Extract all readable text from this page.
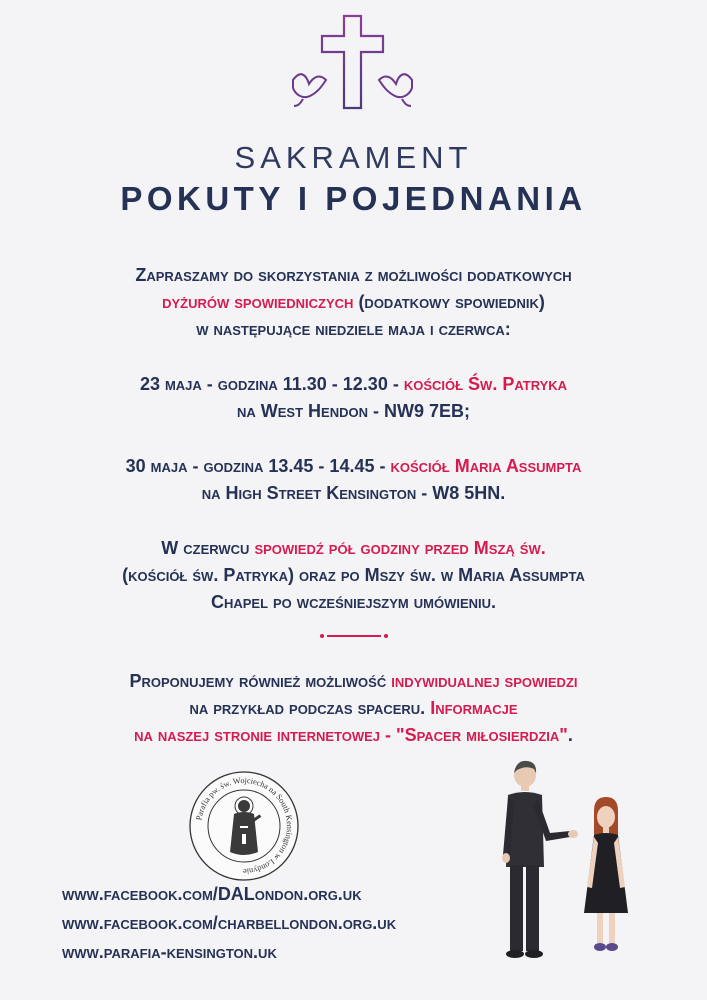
SAKRAMENT
POKUTY I POJEDNANIA
Zapraszamy do skorzystania z możliwości dodatkowych
dyżurów spowiedniczych (dodatkowy spowiednik)
w następujące niedziele maja i czerwca:
23 maja - godzina 11.30 - 12.30 - kościół Św. Patryka
na West Hendon - NW9 7EB;
30 maja - godzina 13.45 - 14.45 - kościół Maria Assumpta
na High Street Kensington - W8 5HN.
W czerwcu spowiedź pół godziny przed Mszą św.
(kościół św. Patryka) oraz po Mszy św. w Maria Assumpta
Chapel po wcześniejszym umówieniu.
Proponujemy również możliwość indywidualnej spowiedzi
na przykład podczas spaceru. Informacje
na naszej stronie internetowej - "Spacer miłosierdzia".
Parafia pw. św. Wojciecha na South Kensington w Londynie
www.facebook.com/DALondon.org.uk
www.facebook.com/charbellondon.org.uk
www.parafia-kensington.uk
